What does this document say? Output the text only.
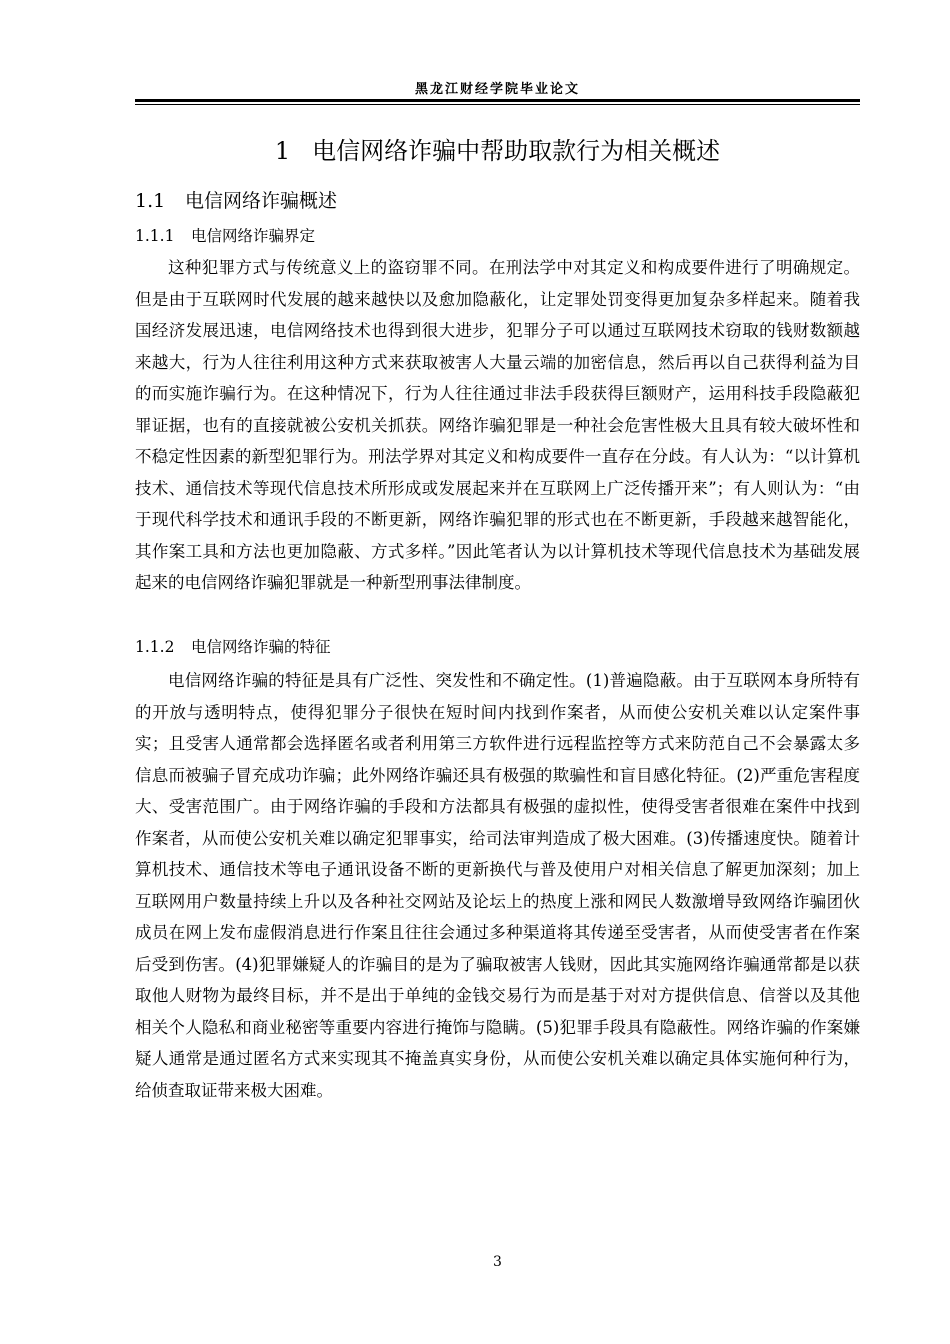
黑龙江财经学院毕业论文
1 电信网络诈骗中帮助取款行为相关概述
1.1 电信网络诈骗概述
1.1.1 电信网络诈骗界定

这种犯罪方式与传统意义上的盗窃罪不同。在刑法学中对其定义和构成要件进行了明确规定。但是由于互联网时代发展的越来越快以及愈加隐蔽化，让定罪处罚变得更加复杂多样起来。随着我国经济发展迅速，电信网络技术也得到很大进步，犯罪分子可以通过互联网技术窃取的钱财数额越来越大，行为人往往利用这种方式来获取被害人大量云端的加密信息，然后再以自己获得利益为目的而实施诈骗行为。在这种情况下，行为人往往通过非法手段获得巨额财产，运用科技手段隐蔽犯罪证据，也有的直接就被公安机关抓获。网络诈骗犯罪是一种社会危害性极大且具有较大破坏性和不稳定性因素的新型犯罪行为。刑法学界对其定义和构成要件一直存在分歧。有人认为：“以计算机技术、通信技术等现代信息技术所形成或发展起来并在互联网上广泛传播开来”；有人则认为：“由于现代科学技术和通讯手段的不断更新，网络诈骗犯罪的形式也在不断更新，手段越来越智能化，其作案工具和方法也更加隐蔽、方式多样。”因此笔者认为以计算机技术等现代信息技术为基础发展起来的电信网络诈骗犯罪就是一种新型刑事法律制度。

1.1.2 电信网络诈骗的特征

电信网络诈骗的特征是具有广泛性、突发性和不确定性。(1)普遍隐蔽。由于互联网本身所特有的开放与透明特点，使得犯罪分子很快在短时间内找到作案者，从而使公安机关难以认定案件事实；且受害人通常都会选择匿名或者利用第三方软件进行远程监控等方式来防范自己不会暴露太多信息而被骗子冒充成功诈骗；此外网络诈骗还具有极强的欺骗性和盲目感化特征。(2)严重危害程度大、受害范围广。由于网络诈骗的手段和方法都具有极强的虚拟性，使得受害者很难在案件中找到作案者，从而使公安机关难以确定犯罪事实，给司法审判造成了极大困难。(3)传播速度快。随着计算机技术、通信技术等电子通讯设备不断的更新换代与普及使用户对相关信息了解更加深刻；加上互联网用户数量持续上升以及各种社交网站及论坛上的热度上涨和网民人数激增导致网络诈骗团伙成员在网上发布虚假消息进行作案且往往会通过多种渠道将其传递至受害者，从而使受害者在作案后受到伤害。(4)犯罪嫌疑人的诈骗目的是为了骗取被害人钱财，因此其实施网络诈骗通常都是以获取他人财物为最终目标，并不是出于单纯的金钱交易行为而是基于对对方提供信息、信誉以及其他相关个人隐私和商业秘密等重要内容进行掩饰与隐瞒。(5)犯罪手段具有隐蔽性。网络诈骗的作案嫌疑人通常是通过匿名方式来实现其不掩盖真实身份，从而使公安机关难以确定具体实施何种行为，给侦查取证带来极大困难。

3
